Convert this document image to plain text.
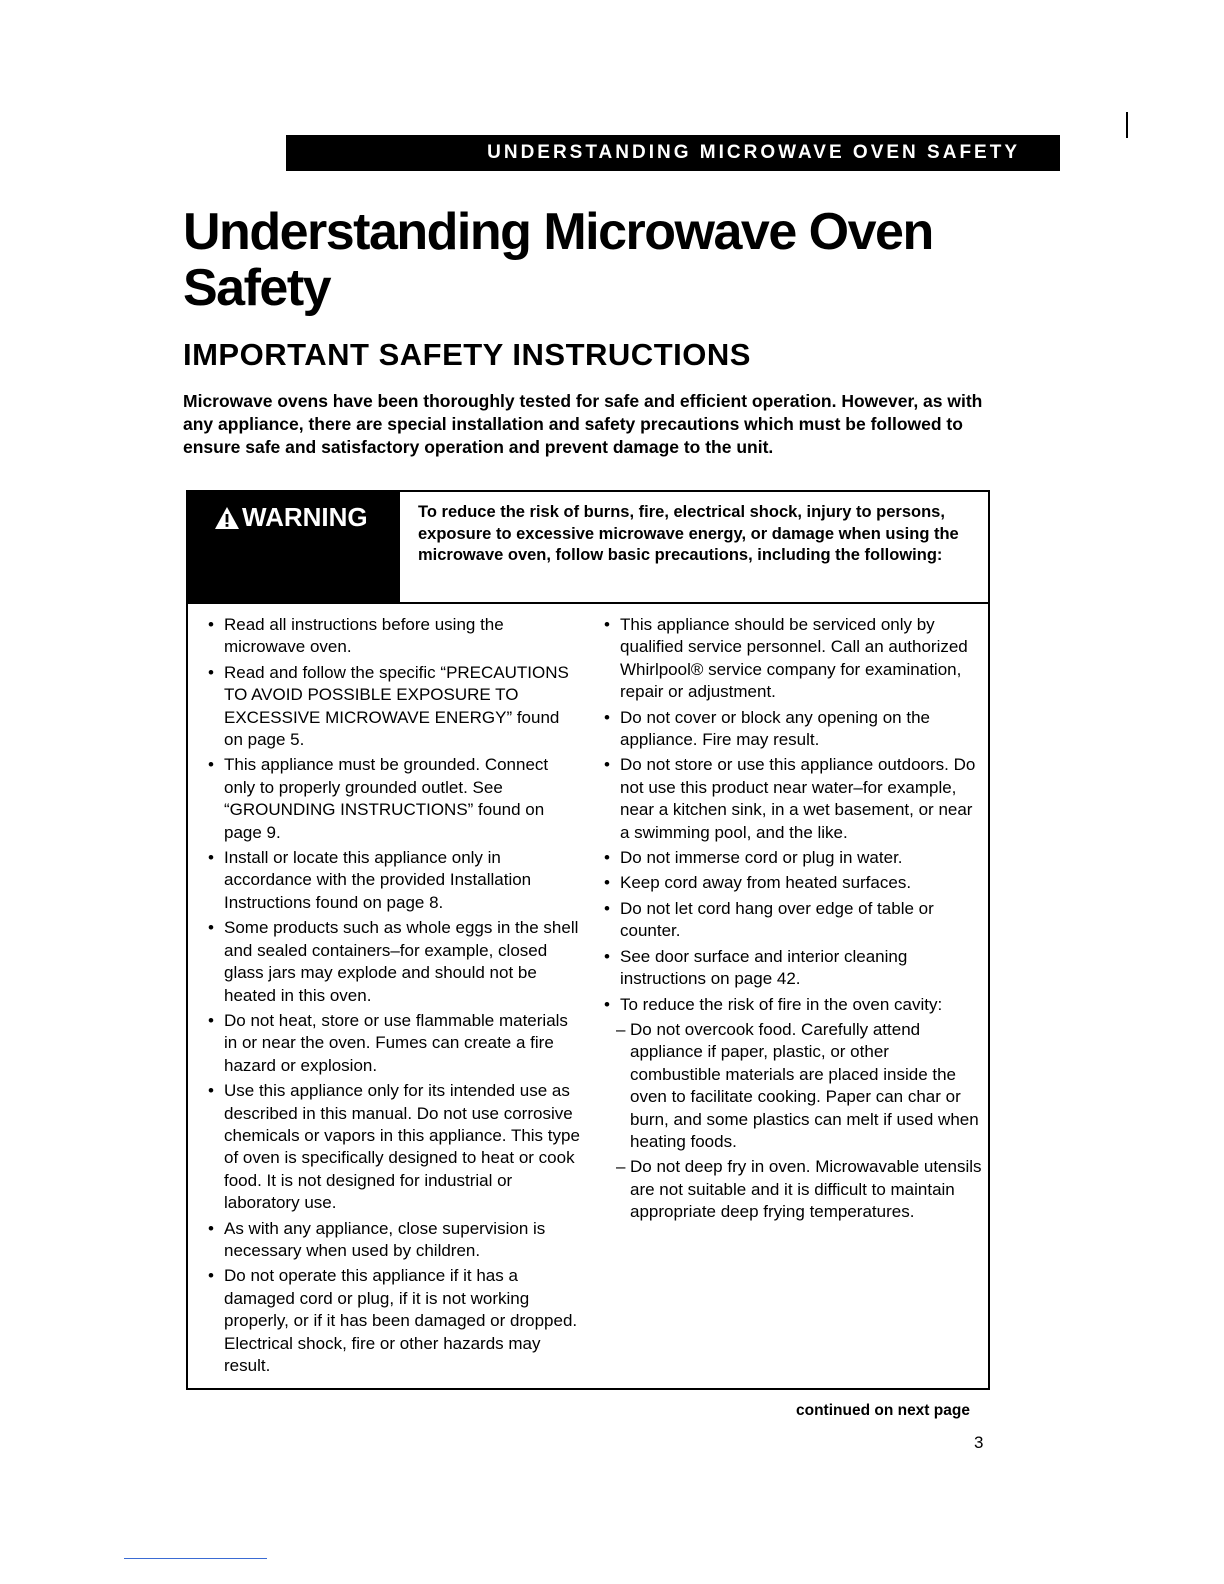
UNDERSTANDING MICROWAVE OVEN SAFETY
Understanding Microwave Oven Safety
IMPORTANT SAFETY INSTRUCTIONS

Microwave ovens have been thoroughly tested for safe and efficient operation. However, as with any appliance, there are special installation and safety precautions which must be followed to ensure safe and satisfactory operation and prevent damage to the unit.

WARNING	To reduce the risk of burns, fire, electrical shock, injury to persons, exposure to excessive microwave energy, or damage when using the microwave oven, follow basic precautions, including the following:

• Read all instructions before using the microwave oven.
• Read and follow the specific “PRECAUTIONS TO AVOID POSSIBLE EXPOSURE TO EXCESSIVE MICROWAVE ENERGY” found on page 5.
• This appliance must be grounded. Connect only to properly grounded outlet. See “GROUNDING INSTRUCTIONS” found on page 9.
• Install or locate this appliance only in accordance with the provided Installation Instructions found on page 8.
• Some products such as whole eggs in the shell and sealed containers–for example, closed glass jars may explode and should not be heated in this oven.
• Do not heat, store or use flammable materials in or near the oven. Fumes can create a fire hazard or explosion.
• Use this appliance only for its intended use as described in this manual. Do not use corrosive chemicals or vapors in this appliance. This type of oven is specifically designed to heat or cook food. It is not designed for industrial or laboratory use.
• As with any appliance, close supervision is necessary when used by children.
• Do not operate this appliance if it has a damaged cord or plug, if it is not working properly, or if it has been damaged or dropped. Electrical shock, fire or other hazards may result.
• This appliance should be serviced only by qualified service personnel. Call an authorized Whirlpool® service company for examination, repair or adjustment.
• Do not cover or block any opening on the appliance. Fire may result.
• Do not store or use this appliance outdoors. Do not use this product near water–for example, near a kitchen sink, in a wet basement, or near a swimming pool, and the like.
• Do not immerse cord or plug in water.
• Keep cord away from heated surfaces.
• Do not let cord hang over edge of table or counter.
• See door surface and interior cleaning instructions on page 42.
• To reduce the risk of fire in the oven cavity:
– Do not overcook food. Carefully attend appliance if paper, plastic, or other combustible materials are placed inside the oven to facilitate cooking. Paper can char or burn, and some plastics can melt if used when heating foods.
– Do not deep fry in oven. Microwavable utensils are not suitable and it is difficult to maintain appropriate deep frying temperatures.
continued on next page
3
